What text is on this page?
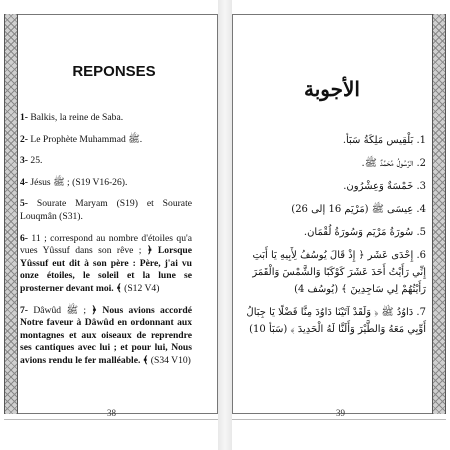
REPONSES

1- Balkis, la reine de Saba.

2- Le Prophète Muhammad ﷺ.

3- 25.

4- Jésus ﷺ ; (S19 V16-26).

5- Sourate Maryam (S19) et Sourate Louqmân (S31).

6- 11 ; correspond au nombre d'étoiles qu'a vues Yûssuf dans son rêve ; ﴿ Lorsque Yûssuf eut dit à son père : Père, j'ai vu onze étoiles, le soleil et la lune se prosterner devant moi. ﴾ (S12 V4)

7- Dâwûd ﷺ ; ﴿ Nous avions accordé Notre faveur à Dâwûd en ordonnant aux montagnes et aux oiseaux de reprendre ses cantiques avec lui ; et pour lui, Nous avions rendu le fer malléable. ﴾ (S34 V10)

الأجوبة

1. بَلْقِيس مَلِكَةُ سَبَأ.

2. الرَّسُولُ مُحَمَّدٌ ﷺ.

3. خَمْسَةٌ وَعِشْرُون.

4. عِيسَى ﷺ (مَرْيَم 16 إلى 26)

5. سُورَةُ مَرْيَم وَسُورَةُ لُقْمَان.

6. إِحْدَى عَشَر ﴿ إِذْ قَالَ يُوسُفُ لِأَبِيهِ يَا أَبَتِ إِنِّي رَأَيْتُ أَحَدَ عَشَرَ كَوْكَبًا وَالشَّمْسَ وَالْقَمَرَ رَأَيْتُهُمْ لِي سَاجِدِينَ ﴾ (يُوسُف 4)

7. دَاوُدُ ﷺ ﴿ وَلَقَدْ آتَيْنَا دَاوُدَ مِنَّا فَضْلًا يَا جِبَالُ أَوِّبِي مَعَهُ وَالطَّيْرَ وَأَلَنَّا لَهُ الْحَدِيدَ ﴾ (سَبَأ 10)

38	39
